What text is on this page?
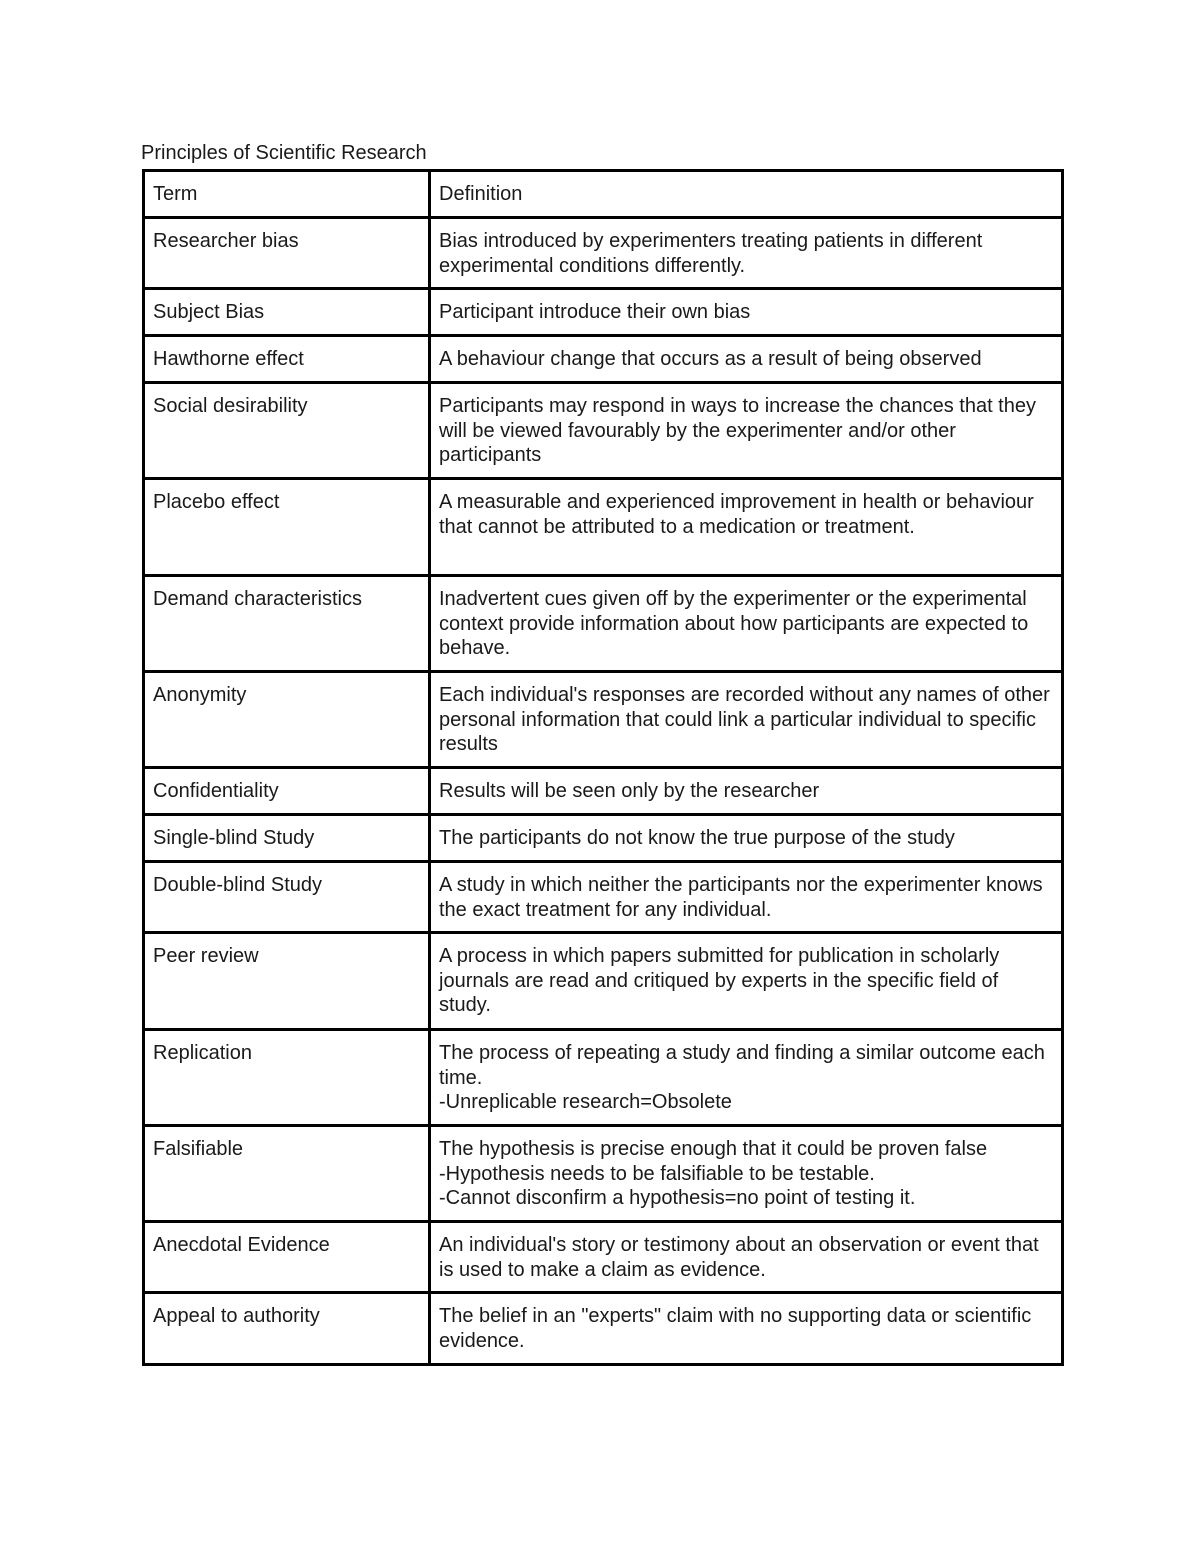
Principles of Scientific Research
Term	Definition
Researcher bias	Bias introduced by experimenters treating patients in different experimental conditions differently.

Subject Bias	Participant introduce their own bias

Hawthorne effect	A behaviour change that occurs as a result of being observed

Social desirability	Participants may respond in ways to increase the chances that they will be viewed favourably by the experimenter and/or other participants

Placebo effect	A measurable and experienced improvement in health or behaviour that cannot be attributed to a medication or treatment.

Demand characteristics	Inadvertent cues given off by the experimenter or the experimental context provide information about how participants are expected to behave.

Anonymity	Each individual's responses are recorded without any names of other personal information that could link a particular individual to specific results

Confidentiality	Results will be seen only by the researcher

Single-blind Study	The participants do not know the true purpose of the study

Double-blind Study	A study in which neither the participants nor the experimenter knows the exact treatment for any individual.

Peer review	A process in which papers submitted for publication in scholarly journals are read and critiqued by experts in the specific field of study.

Replication	The process of repeating a study and finding a similar outcome each time.
-Unreplicable research=Obsolete

Falsifiable	The hypothesis is precise enough that it could be proven false
-Hypothesis needs to be falsifiable to be testable.
-Cannot disconfirm a hypothesis=no point of testing it.

Anecdotal Evidence	An individual's story or testimony about an observation or event that is used to make a claim as evidence.

Appeal to authority	The belief in an "experts" claim with no supporting data or scientific evidence.
